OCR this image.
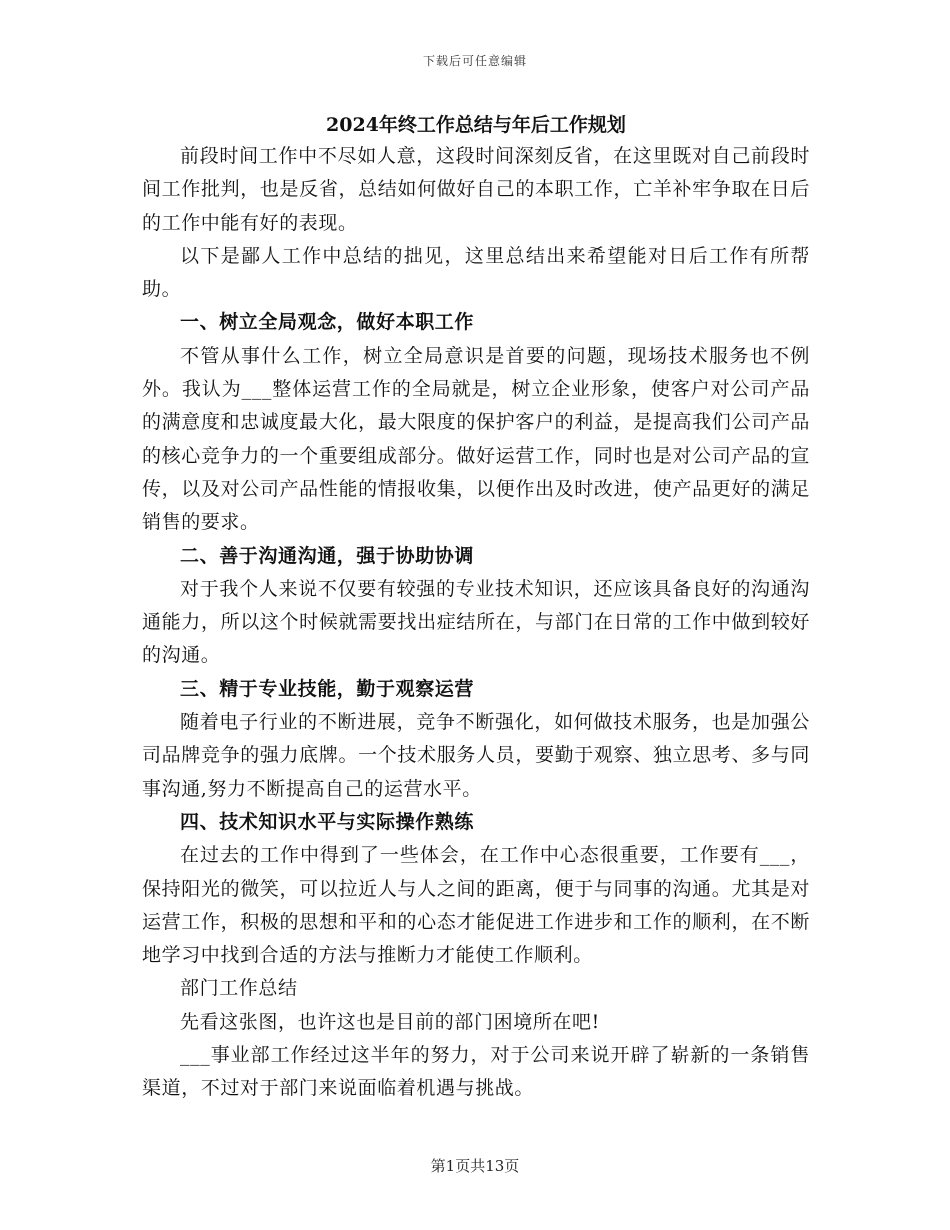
下载后可任意编辑
2024年终工作总结与年后工作规划

前段时间工作中不尽如人意，这段时间深刻反省，在这里既对自己前段时间工作批判，也是反省，总结如何做好自己的本职工作，亡羊补牢争取在日后的工作中能有好的表现。

以下是鄙人工作中总结的拙见，这里总结出来希望能对日后工作有所帮助。

一、树立全局观念，做好本职工作

不管从事什么工作，树立全局意识是首要的问题，现场技术服务也不例外。我认为___整体运营工作的全局就是，树立企业形象，使客户对公司产品的满意度和忠诚度最大化，最大限度的保护客户的利益，是提高我们公司产品的核心竞争力的一个重要组成部分。做好运营工作，同时也是对公司产品的宣传，以及对公司产品性能的情报收集，以便作出及时改进，使产品更好的满足销售的要求。

二、善于沟通沟通，强于协助协调

对于我个人来说不仅要有较强的专业技术知识，还应该具备良好的沟通沟通能力，所以这个时候就需要找出症结所在，与部门在日常的工作中做到较好的沟通。

三、精于专业技能，勤于观察运营

随着电子行业的不断进展，竞争不断强化，如何做技术服务，也是加强公司品牌竞争的强力底牌。一个技术服务人员，要勤于观察、独立思考、多与同事沟通,努力不断提高自己的运营水平。

四、技术知识水平与实际操作熟练

在过去的工作中得到了一些体会，在工作中心态很重要，工作要有___，保持阳光的微笑，可以拉近人与人之间的距离，便于与同事的沟通。尤其是对运营工作，积极的思想和平和的心态才能促进工作进步和工作的顺利，在不断地学习中找到合适的方法与推断力才能使工作顺利。

部门工作总结

先看这张图，也许这也是目前的部门困境所在吧!

___事业部工作经过这半年的努力，对于公司来说开辟了崭新的一条销售渠道，不过对于部门来说面临着机遇与挑战。

第1页共13页
